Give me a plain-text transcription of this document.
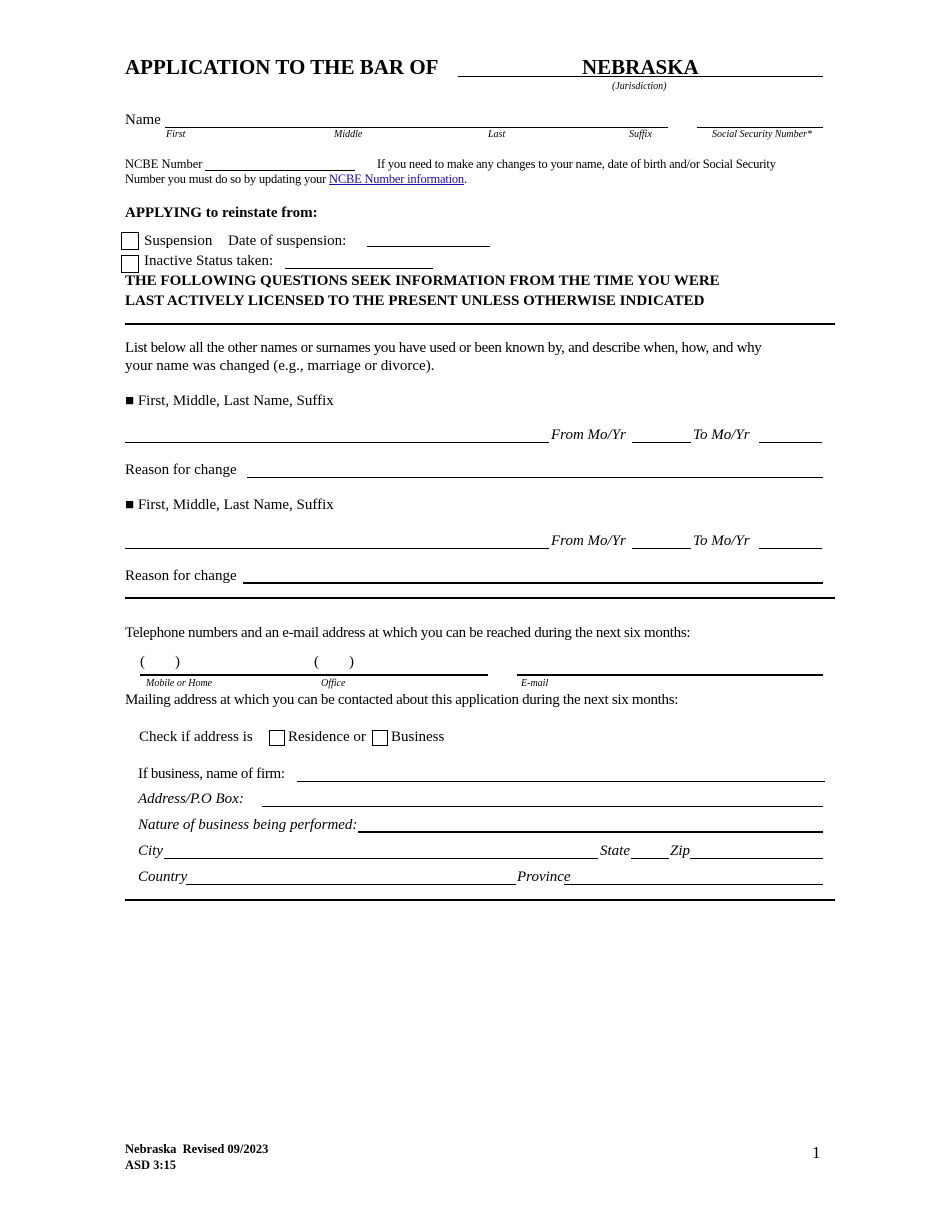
APPLICATION TO THE BAR OF	NEBRASKA
(Jurisdiction)
Name
First	Middle	Last	Suffix	Social Security Number*
NCBE Number	If you need to make any changes to your name, date of birth and/or Social Security
Number you must do so by updating your NCBE Number information.
APPLYING to reinstate from:
Suspension Date of suspension:
Inactive Status taken:
THE FOLLOWING QUESTIONS SEEK INFORMATION FROM THE TIME YOU WERE
LAST ACTIVELY LICENSED TO THE PRESENT UNLESS OTHERWISE INDICATED
List below all the other names or surnames you have used or been known by, and describe when, how, and why
your name was changed (e.g., marriage or divorce).
■ First, Middle, Last Name, Suffix
From Mo/Yr	To Mo/Yr
Reason for change
■ First, Middle, Last Name, Suffix
From Mo/Yr	To Mo/Yr
Reason for change
Telephone numbers and an e-mail address at which you can be reached during the next six months:
(        )	(        )
Mobile or Home	Office	E-mail
Mailing address at which you can be contacted about this application during the next six months:
Check if address is Residence or Business
If business, name of firm:
Address/P.O Box:
Nature of business being performed:
City	State	Zip
Country	Province
Nebraska  Revised 09/2023
ASD 3:15
1
